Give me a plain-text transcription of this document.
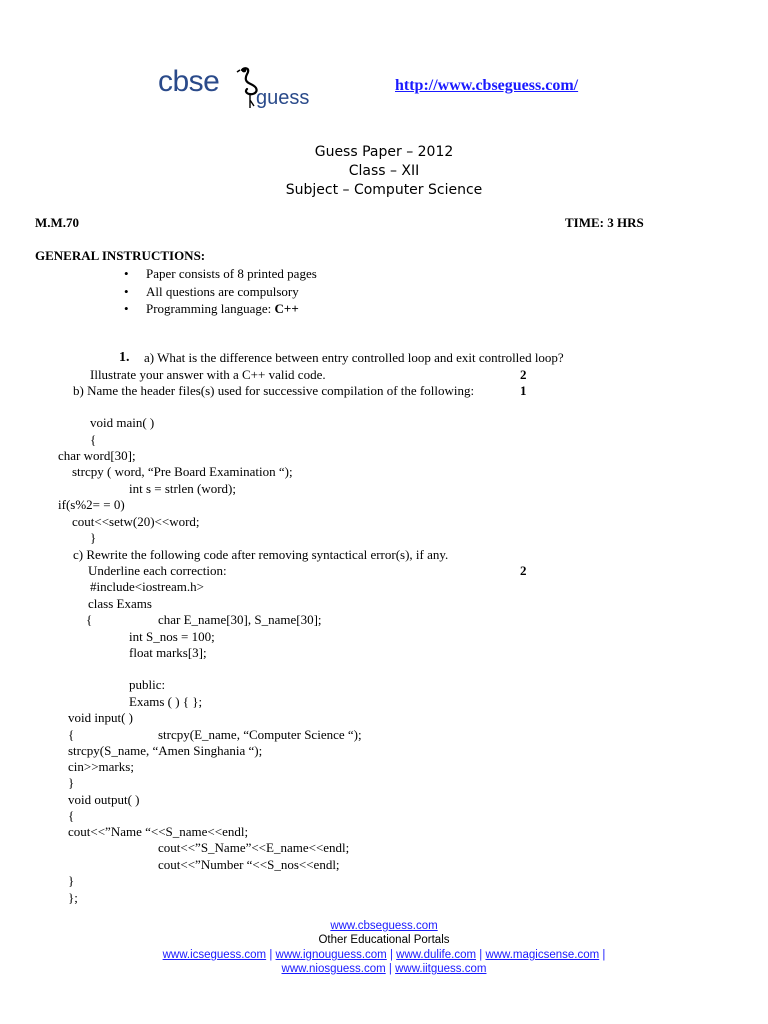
cbse guess
http://www.cbseguess.com/
Guess Paper – 2012
Class – XII
Subject – Computer Science
M.M.70	TIME: 3 HRS
GENERAL INSTRUCTIONS:
• Paper consists of 8 printed pages
• All questions are compulsory
• Programming language: C++
1. a) What is the difference between entry controlled loop and exit controlled loop?
Illustrate your answer with a C++ valid code.	2
b) Name the header files(s) used for successive compilation of the following:	1
void main( )
{
char word[30];
strcpy ( word, “Pre Board Examination “);
int s = strlen (word);
if(s%2= = 0)
cout<<setw(20)<<word;
}
c) Rewrite the following code after removing syntactical error(s), if any.
Underline each correction:	2
#include<iostream.h>
class Exams
{	char E_name[30], S_name[30];
int S_nos = 100;
float marks[3];
public:
Exams ( ) { };
void input( )
{	strcpy(E_name, “Computer Science “);
strcpy(S_name, “Amen Singhania “);
cin>>marks;
}
void output( )
{
cout<<”Name “<<S_name<<endl;
cout<<”S_Name”<<E_name<<endl;
cout<<”Number “<<S_nos<<endl;
}
};
www.cbseguess.com
Other Educational Portals
www.icseguess.com | www.ignouguess.com | www.dulife.com | www.magicsense.com |
www.niosguess.com | www.iitguess.com
